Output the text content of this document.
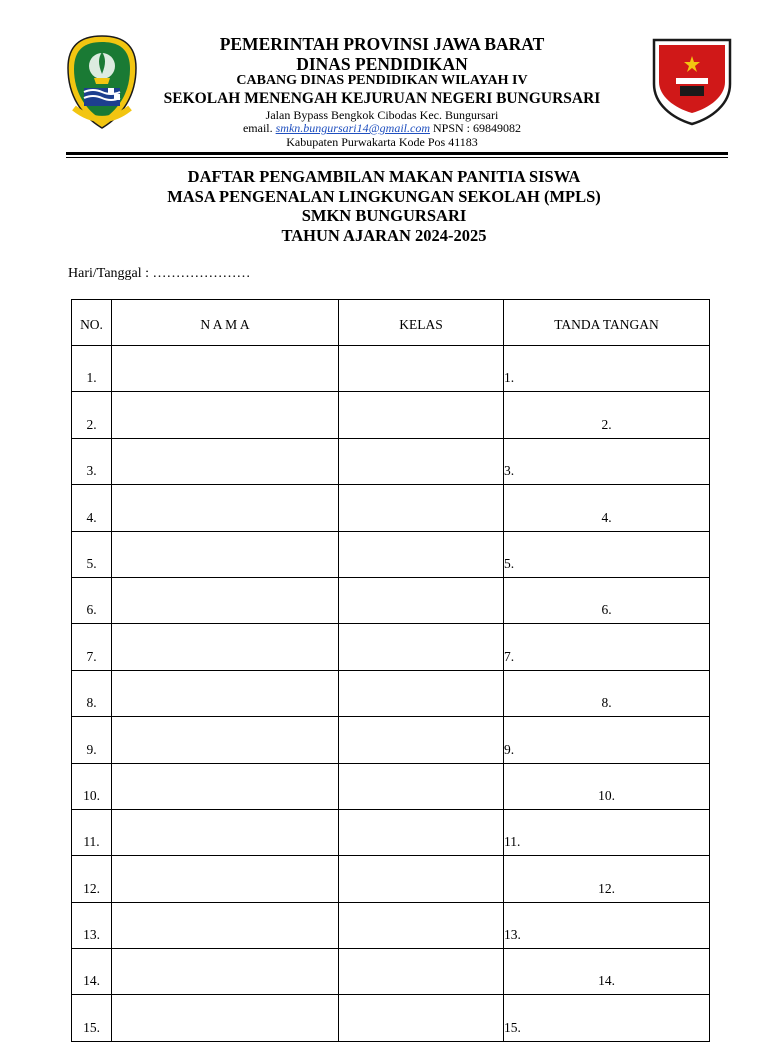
PEMERINTAH PROVINSI JAWA BARAT
DINAS PENDIDIKAN
CABANG DINAS PENDIDIKAN WILAYAH IV
SEKOLAH MENENGAH KEJURUAN NEGERI BUNGURSARI
Jalan Bypass Bengkok Cibodas Kec. Bungursari
email. smkn.bungursari14@gmail.com NPSN : 69849082
Kabupaten Purwakarta Kode Pos 41183
DAFTAR PENGAMBILAN MAKAN PANITIA SISWA
MASA PENGENALAN LINGKUNGAN SEKOLAH (MPLS)
SMKN BUNGURSARI
TAHUN AJARAN 2024-2025
Hari/Tanggal : …………………
NO.	N A M A	KELAS	TANDA TANGAN
1.			1.
2.			2.
3.			3.
4.			4.
5.			5.
6.			6.
7.			7.
8.			8.
9.			9.
10.			10.
11.			11.
12.			12.
13.			13.
14.			14.
15.			15.
